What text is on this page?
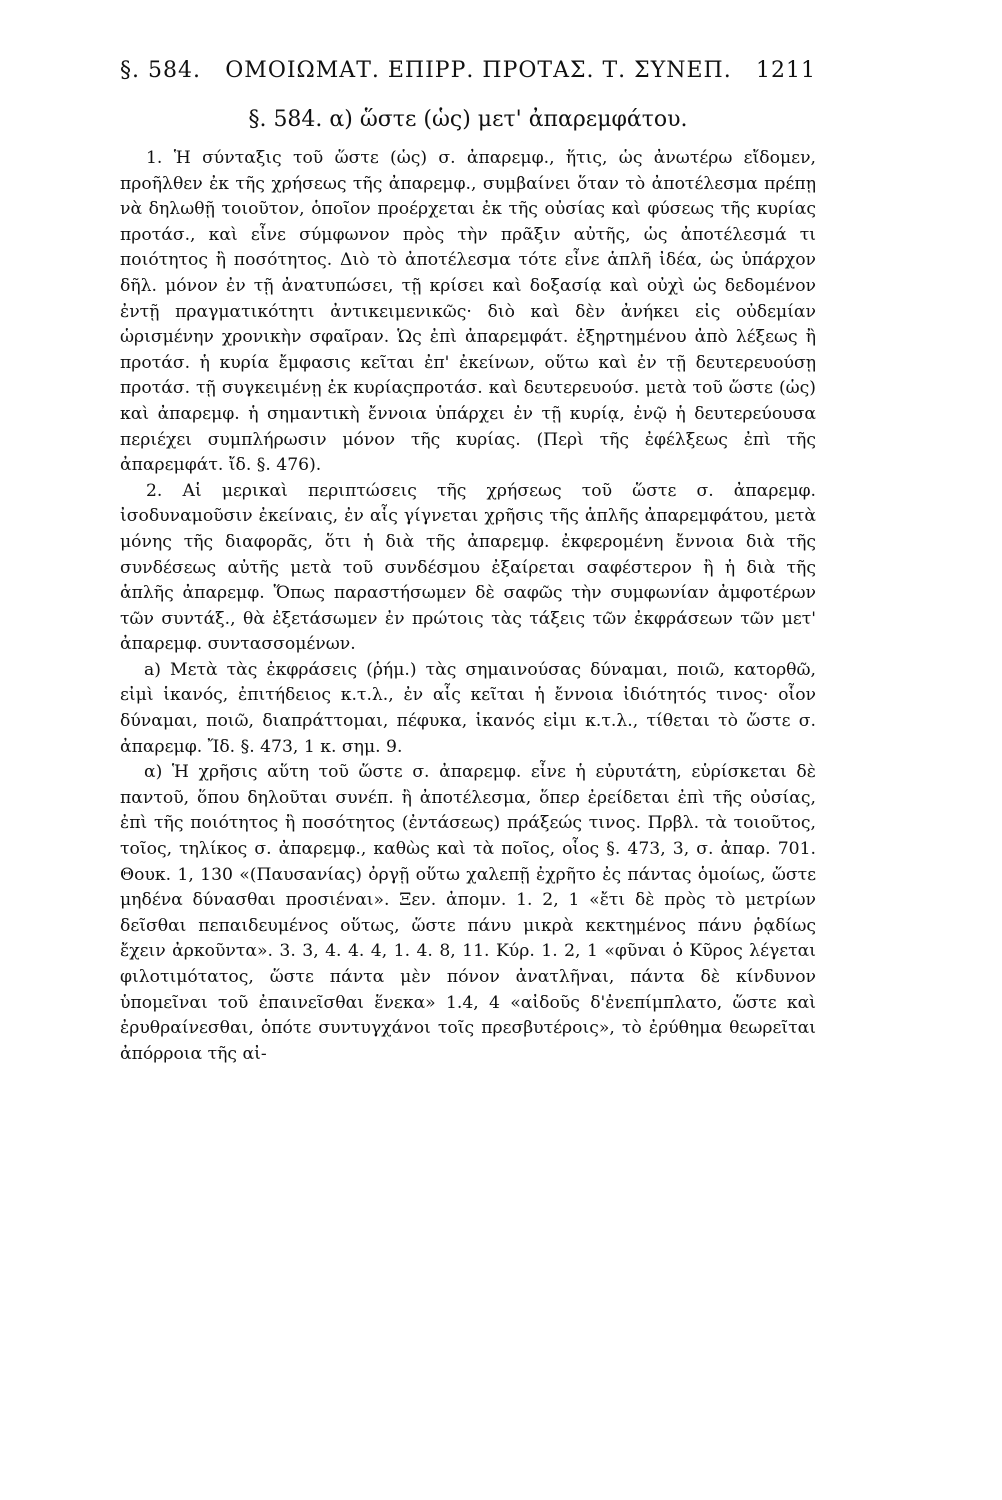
§. 584. ΟΜΟΙΩΜΑΤ. ΕΠΙΡΡ. ΠΡΟΤΑΣ. Τ. ΣΥΝΕΠ. 1211
§. 584. α) ὥστε (ὡς) μετ' ἀπαρεμφάτου.

1. Ἡ σύνταξις τοῦ ὥστε (ὡς) σ. ἀπαρεμφ., ἥτις, ὡς ἀνωτέρω εἴδομεν, προῆλθεν ἐκ τῆς χρήσεως τῆς ἀπαρεμφ., συμβαίνει ὅταν τὸ ἀποτέλεσμα πρέπῃ νὰ δηλωθῇ τοιοῦτον, ὁποῖον προέρχεται ἐκ τῆς οὐσίας καὶ φύσεως τῆς κυρίας προτάσ., καὶ εἶνε σύμφωνον πρὸς τὴν πρᾶξιν αὐτῆς, ὡς ἀποτέλεσμά τι ποιότητος ἢ ποσότητος. Διὸ τὸ ἀποτέλεσμα τότε εἶνε ἁπλῆ ἰδέα, ὡς ὑπάρχον δῆλ. μόνον ἐν τῇ ἀνατυπώσει, τῇ κρίσει καὶ δοξασίᾳ καὶ οὐχὶ ὡς δεδομένον ἐντῇ πραγματικότητι ἀντικειμενικῶς· διὸ καὶ δὲν ἀνήκει εἰς οὐδεμίαν ὡρισμένην χρονικὴν σφαῖραν. Ὡς ἐπὶ ἀπαρεμφάτ. ἐξηρτημένου ἀπὸ λέξεως ἢ προτάσ. ἡ κυρία ἔμφασις κεῖται ἐπ' ἐκείνων, οὕτω καὶ ἐν τῇ δευτερευούσῃ προτάσ. τῇ συγκειμένῃ ἐκ κυρίαςπροτάσ. καὶ δευτερευούσ. μετὰ τοῦ ὥστε (ὡς) καὶ ἀπαρεμφ. ἡ σημαντικὴ ἔννοια ὑπάρχει ἐν τῇ κυρίᾳ, ἐνῷ ἡ δευτερεύουσα περιέχει συμπλήρωσιν μόνον τῆς κυρίας. (Περὶ τῆς ἐφέλξεως ἐπὶ τῆς ἀπαρεμφάτ. ἴδ. §. 476).

2. Αἱ μερικαὶ περιπτώσεις τῆς χρήσεως τοῦ ὥστε σ. ἀπαρεμφ. ἰσοδυναμοῦσιν ἐκείναις, ἐν αἷς γίγνεται χρῆσις τῆς ἁπλῆς ἀπαρεμφάτου, μετὰ μόνης τῆς διαφορᾶς, ὅτι ἡ διὰ τῆς ἀπαρεμφ. ἐκφερομένη ἔννοια διὰ τῆς συνδέσεως αὐτῆς μετὰ τοῦ συνδέσμου ἐξαίρεται σαφέστερον ἢ ἡ διὰ τῆς ἁπλῆς ἀπαρεμφ. Ὅπως παραστήσωμεν δὲ σαφῶς τὴν συμφωνίαν ἀμφοτέρων τῶν συντάξ., θὰ ἐξετάσωμεν ἐν πρώτοις τὰς τάξεις τῶν ἐκφράσεων τῶν μετ' ἀπαρεμφ. συντασσομένων.

a) Μετὰ τὰς ἐκφράσεις (ῥήμ.) τὰς σημαινούσας δύναμαι, ποιῶ, κατορθῶ, εἰμὶ ἱκανός, ἐπιτήδειος κ.τ.λ., ἐν αἷς κεῖται ἡ ἔννοια ἰδιότητός τινος· οἷον δύναμαι, ποιῶ, διαπράττομαι, πέφυκα, ἱκανός εἰμι κ.τ.λ., τίθεται τὸ ὥστε σ. ἀπαρεμφ. Ἴδ. §. 473, 1 κ. σημ. 9.

α) Ἡ χρῆσις αὕτη τοῦ ὥστε σ. ἀπαρεμφ. εἶνε ἡ εὐρυτάτη, εὑρίσκεται δὲ παντοῦ, ὅπου δηλοῦται συνέπ. ἢ ἀποτέλεσμα, ὅπερ ἐρείδεται ἐπὶ τῆς οὐσίας, ἐπὶ τῆς ποιότητος ἢ ποσότητος (ἐντάσεως) πράξεώς τινος. Πρβλ. τὰ τοιοῦτος, τοῖος, τηλίκος σ. ἀπαρεμφ., καθὼς καὶ τὰ ποῖος, οἷος §. 473, 3, σ. ἀπαρ. 701. Θουκ. 1, 130 «(Παυσανίας) ὀργῇ οὕτω χαλεπῇ ἐχρῆτο ἐς πάντας ὁμοίως, ὥστε μηδένα δύνασθαι προσιέναι». Ξεν. ἀπομν. 1. 2, 1 «ἔτι δὲ πρὸς τὸ μετρίων δεῖσθαι πεπαιδευμένος οὕτως, ὥστε πάνυ μικρὰ κεκτημένος πάνυ ῥᾳδίως ἔχειν ἀρκοῦντα». 3. 3, 4. 4. 4, 1. 4. 8, 11. Κύρ. 1. 2, 1 «φῦναι ὁ Κῦρος λέγεται φιλοτιμότατος, ὥστε πάντα μὲν πόνον ἀνατλῆναι, πάντα δὲ κίνδυνον ὑπομεῖναι τοῦ ἐπαινεῖσθαι ἕνεκα» 1.4, 4 «αἰδοῦς δ'ἐνεπίμπλατο, ὥστε καὶ ἐρυθραίνεσθαι, ὁπότε συντυγχάνοι τοῖς πρεσβυτέροις», τὸ ἐρύθημα θεωρεῖται ἀπόρροια τῆς αἰ-
